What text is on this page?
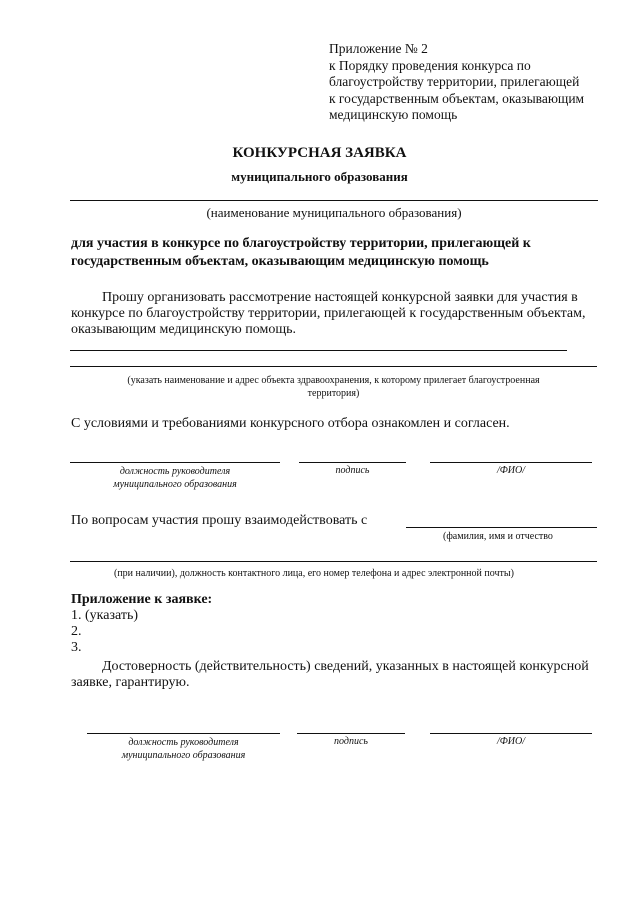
Приложение № 2
к Порядку проведения конкурса по
благоустройству территории, прилегающей
к государственным объектам, оказывающим
медицинскую помощь
КОНКУРСНАЯ ЗАЯВКА
муниципального образования
(наименование муниципального образования)
для участия в конкурсе по благоустройству территории, прилегающей к
государственным объектам, оказывающим медицинскую помощь
Прошу организовать рассмотрение настоящей конкурсной заявки для участия в
конкурсе по благоустройству территории, прилегающей к государственным объектам,
оказывающим медицинскую помощь.
(указать наименование и адрес объекта здравоохранения, к которому прилегает благоустроенная
территория)
С условиями и требованиями конкурсного отбора ознакомлен и согласен.
должность руководителя
муниципального образования
подпись	/ФИО/
По вопросам участия прошу взаимодействовать с
(фамилия, имя и отчество
(при наличии), должность контактного лица, его номер телефона и адрес электронной почты)
Приложение к заявке:
1. (указать)
2.
3.
Достоверность (действительность) сведений, указанных в настоящей конкурсной
заявке, гарантирую.
должность руководителя
муниципального образования
подпись	/ФИО/
